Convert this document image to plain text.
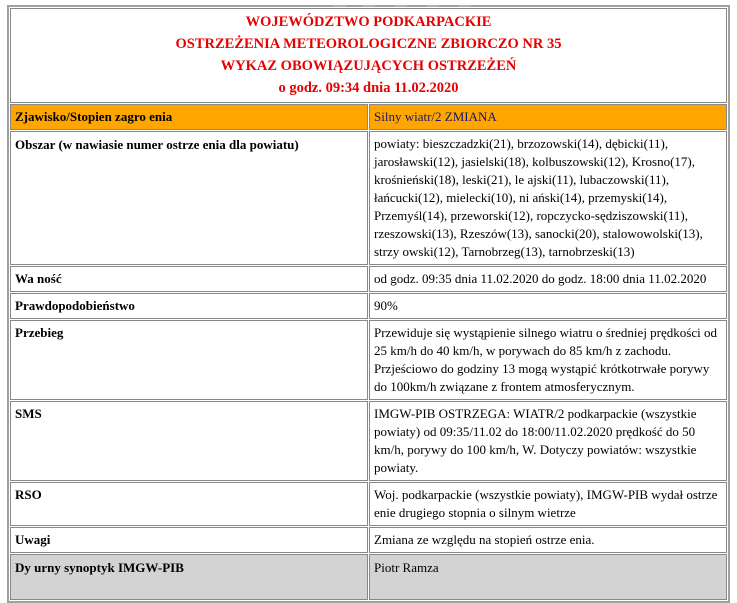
WOJEWÓDZTWO PODKARPACKIE
OSTRZEŻENIA METEOROLOGICZNE ZBIORCZO NR 35
WYKAZ OBOWIĄZUJĄCYCH OSTRZEŻEŃ
o godz. 09:34 dnia 11.02.2020	

Zjawisko/Stopien zagro enia	Silny wiatr/2 ZMIANA
Obszar (w nawiasie numer ostrze enia dla powiatu)	powiaty: bieszczadzki(21), brzozowski(14), dębicki(11), jarosławski(12), jasielski(18), kolbuszowski(12), Krosno(17), krośnieński(18), leski(21), le ajski(11), lubaczowski(11), łańcucki(12), mielecki(10), ni ański(14), przemyski(14), Przemyśl(14), przeworski(12), ropczycko-sędziszowski(11), rzeszowski(13), Rzeszów(13), sanocki(20), stalowowolski(13), strzy owski(12), Tarnobrzeg(13), tarnobrzeski(13)
Wa ność	od godz. 09:35 dnia 11.02.2020 do godz. 18:00 dnia 11.02.2020
Prawdopodobieństwo	90%
Przebieg	Przewiduje się wystąpienie silnego wiatru o średniej prędkości od 25 km/h do 40 km/h, w porywach do 85 km/h z zachodu. Przjeściowo do godziny 13 mogą wystąpić krótkotrwałe porywy do 100km/h związane z frontem atmosferycznym.
SMS	IMGW-PIB OSTRZEGA: WIATR/2 podkarpackie (wszystkie powiaty) od 09:35/11.02 do 18:00/11.02.2020 prędkość do 50 km/h, porywy do 100 km/h, W. Dotyczy powiatów: wszystkie powiaty.
RSO	Woj. podkarpackie (wszystkie powiaty), IMGW-PIB wydał ostrze enie drugiego stopnia o silnym wietrze
Uwagi	Zmiana ze względu na stopień ostrze enia.
Dy urny synoptyk IMGW-PIB	Piotr Ramza
